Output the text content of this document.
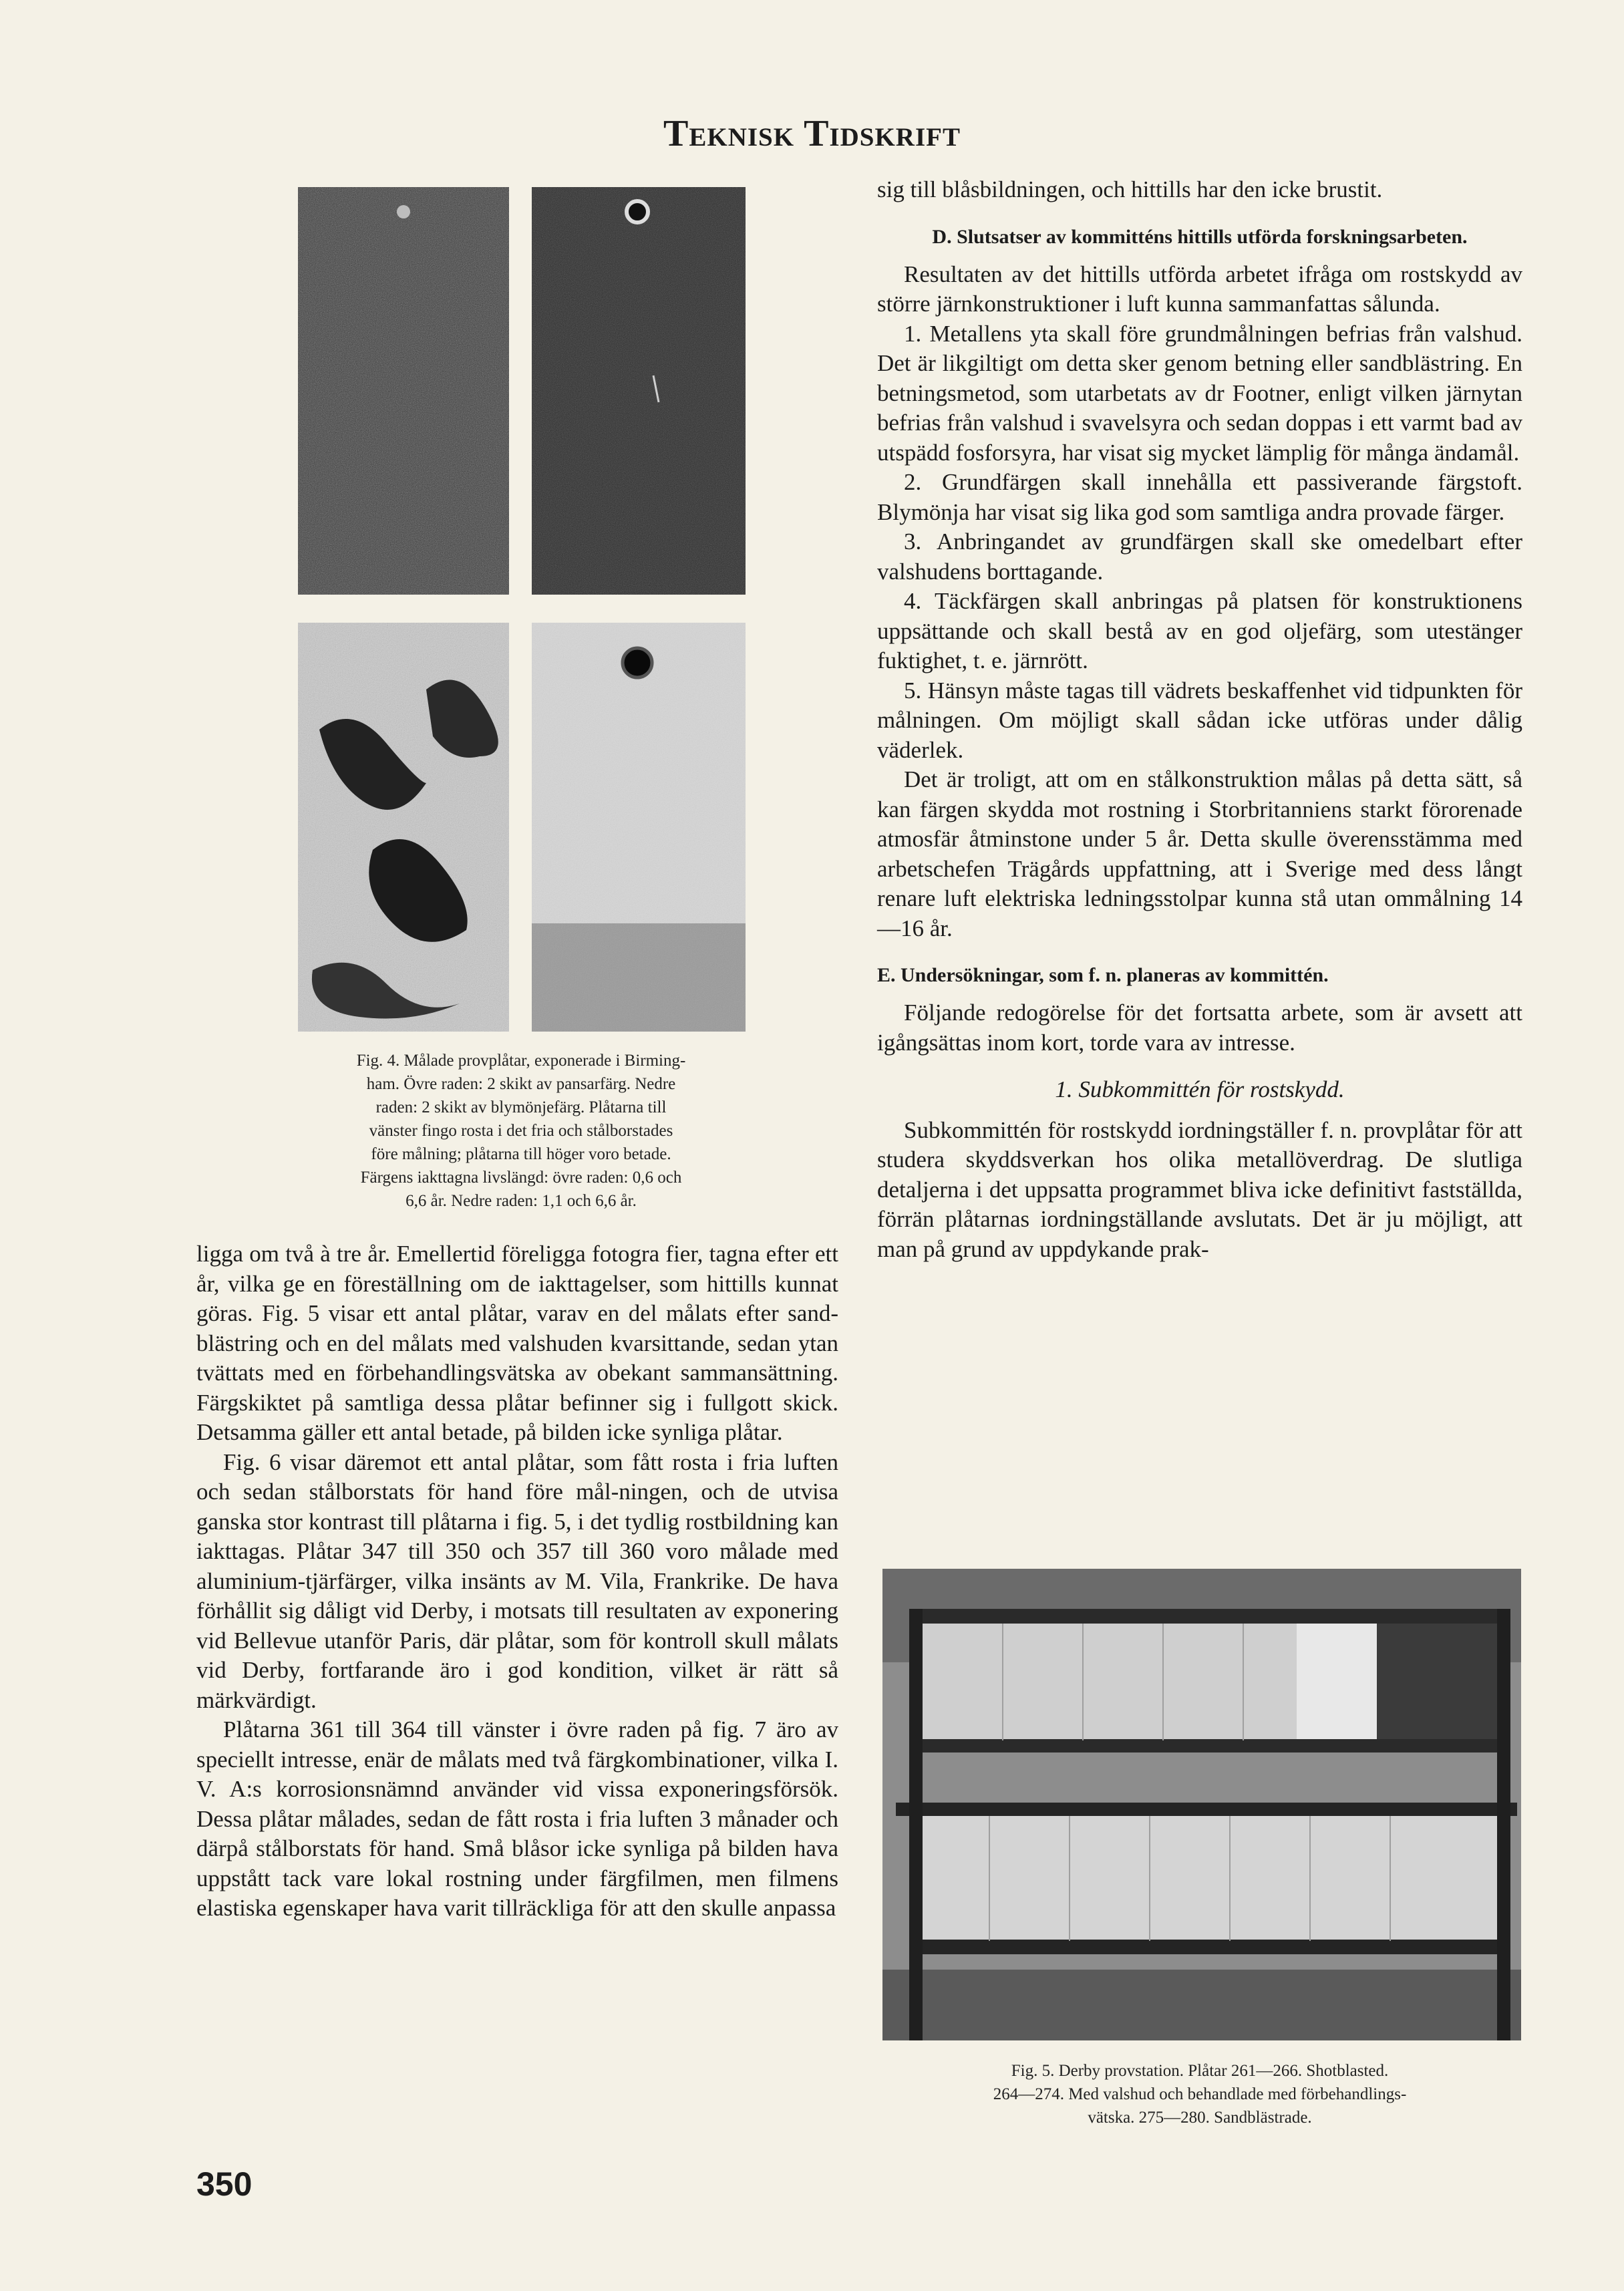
Teknisk Tidskrift
Fig. 4. Målade provplåtar, exponerade i Birming-
ham. Övre raden: 2 skikt av pansarfärg. Nedre
raden: 2 skikt av blymönjefärg. Plåtarna till
vänster fingo rosta i det fria och stålborstades
före målning; plåtarna till höger voro betade.
Färgens iakttagna livslängd: övre raden: 0,6 och
6,6 år. Nedre raden: 1,1 och 6,6 år.

ligga om två à tre år. Emellertid föreligga fotogra fier, tagna efter ett år, vilka ge en föreställning om de iakttagelser, som hittills kunnat göras. Fig. 5 visar ett antal plåtar, varav en del målats efter sand-blästring och en del målats med valshuden kvarsittande, sedan ytan tvättats med en förbehandlingsvätska av obekant sammansättning. Färgskiktet på samtliga dessa plåtar befinner sig i fullgott skick. Detsamma gäller ett antal betade, på bilden icke synliga plåtar.

Fig. 6 visar däremot ett antal plåtar, som fått rosta i fria luften och sedan stålborstats för hand före mål-ningen, och de utvisa ganska stor kontrast till plåtarna i fig. 5, i det tydlig rostbildning kan iakttagas. Plåtar 347 till 350 och 357 till 360 voro målade med aluminium-tjärfärger, vilka insänts av M. Vila, Frankrike. De hava förhållit sig dåligt vid Derby, i motsats till resultaten av exponering vid Bellevue utanför Paris, där plåtar, som för kontroll skull målats vid Derby, fortfarande äro i god kondition, vilket är rätt så märkvärdigt.

Plåtarna 361 till 364 till vänster i övre raden på fig. 7 äro av speciellt intresse, enär de målats med två färgkombinationer, vilka I. V. A:s korrosionsnämnd använder vid vissa exponeringsförsök. Dessa plåtar målades, sedan de fått rosta i fria luften 3 månader och därpå stålborstats för hand. Små blåsor icke synliga på bilden hava uppstått tack vare lokal rostning under färgfilmen, men filmens elastiska egenskaper hava varit tillräckliga för att den skulle anpassa

sig till blåsbildningen, och hittills har den icke brustit.

D. Slutsatser av kommitténs hittills utförda forskningsarbeten.

Resultaten av det hittills utförda arbetet ifråga om rostskydd av större järnkonstruktioner i luft kunna sammanfattas sålunda.

1. Metallens yta skall före grundmålningen befrias från valshud. Det är likgiltigt om detta sker genom betning eller sandblästring. En betningsmetod, som utarbetats av dr Footner, enligt vilken järnytan befrias från valshud i svavelsyra och sedan doppas i ett varmt bad av utspädd fosforsyra, har visat sig mycket lämplig för många ändamål.

2. Grundfärgen skall innehålla ett passiverande färgstoft. Blymönja har visat sig lika god som samtliga andra provade färger.

3. Anbringandet av grundfärgen skall ske omedelbart efter valshudens borttagande.

4. Täckfärgen skall anbringas på platsen för konstruktionens uppsättande och skall bestå av en god oljefärg, som utestänger fuktighet, t. e. järnrött.

5. Hänsyn måste tagas till vädrets beskaffenhet vid tidpunkten för målningen. Om möjligt skall sådan icke utföras under dålig väderlek.

Det är troligt, att om en stålkonstruktion målas på detta sätt, så kan färgen skydda mot rostning i Storbritanniens starkt förorenade atmosfär åtminstone under 5 år. Detta skulle överensstämma med arbetschefen Trägårds uppfattning, att i Sverige med dess långt renare luft elektriska ledningsstolpar kunna stå utan ommålning 14—16 år.

E. Undersökningar, som f. n. planeras av kommittén.

Följande redogörelse för det fortsatta arbete, som är avsett att igångsättas inom kort, torde vara av intresse.

1. Subkommittén för rostskydd.

Subkommittén för rostskydd iordningställer f. n. provplåtar för att studera skyddsverkan hos olika metallöverdrag. De slutliga detaljerna i det uppsatta programmet bliva icke definitivt fastställda, förrän plåtarnas iordningställande avslutats. Det är ju möjligt, att man på grund av uppdykande prak-

Fig. 5. Derby provstation. Plåtar 261—266. Shotblasted.
264—274. Med valshud och behandlade med förbehandlings-
vätska. 275—280. Sandblästrade.
350
